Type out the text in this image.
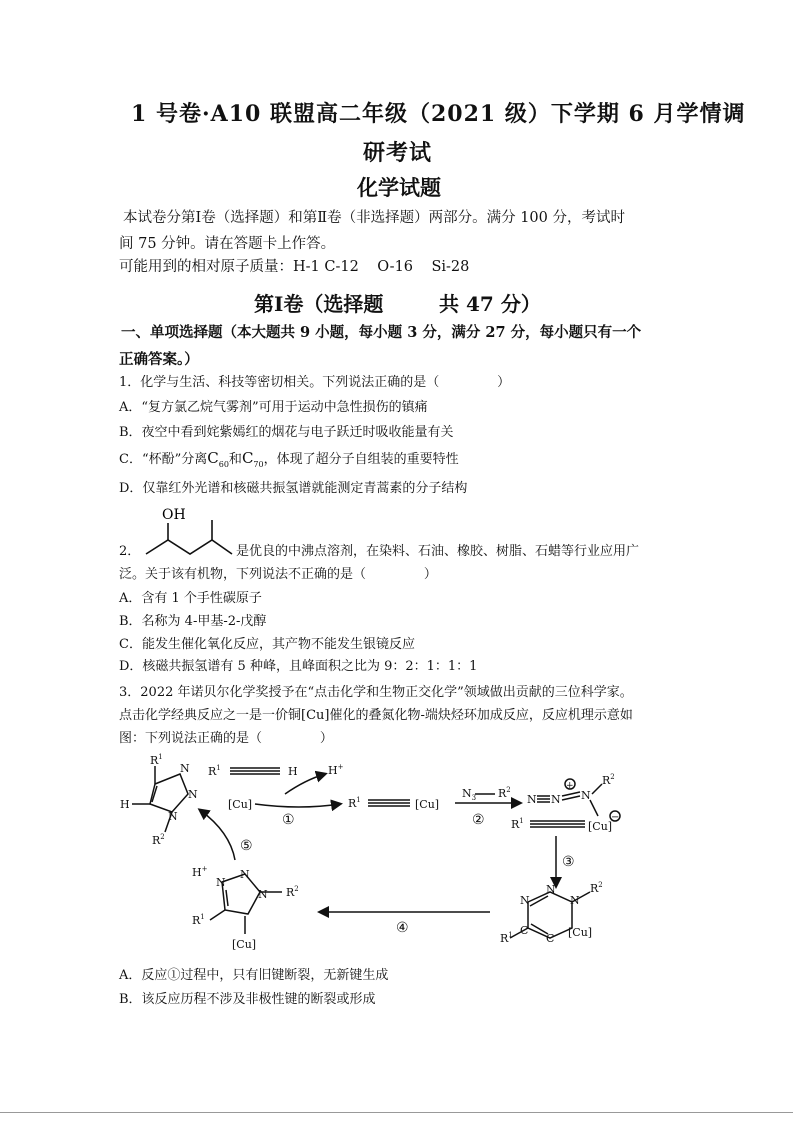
1 号卷·A10 联盟高二年级（2021 级）下学期 6 月学情调
研考试
化学试题
本试卷分第Ⅰ卷（选择题）和第Ⅱ卷（非选择题）两部分。满分 100 分，考试时
间 75 分钟。请在答题卡上作答。
可能用到的相对原子质量：H-1 C-12    O-16    Si-28
第Ⅰ卷（选择题        共 47 分）
一、单项选择题（本大题共 9 小题，每小题 3 分，满分 27 分，每小题只有一个
正确答案。）
1．化学与生活、科技等密切相关。下列说法正确的是（              ）
A．“复方氯乙烷气雾剂”可用于运动中急性损伤的镇痛
B．夜空中看到姹紫嫣红的烟花与电子跃迁时吸收能量有关
C．“杯酚”分离$C_{60}$和$C_{70}$，体现了超分子自组装的重要特性
D．仅靠红外光谱和核磁共振氢谱就能测定青蒿素的分子结构
2．
OH
是优良的中沸点溶剂，在染料、石油、橡胶、树脂、石蜡等行业应用广
泛。关于该有机物，下列说法不正确的是（              ）
A．含有 1 个手性碳原子
B．名称为 4-甲基-2-戊醇
C．能发生催化氧化反应，其产物不能发生银镜反应
D．核磁共振氢谱有 5 种峰，且峰面积之比为 9：2：1：1：1
3．2022 年诺贝尔化学奖授予在“点击化学和生物正交化学”领域做出贡献的三位科学家。
点击化学经典反应之一是一价铜[Cu]催化的叠氮化物-端炔烃环加成反应，反应机理示意如
图：下列说法正确的是（              ）
$R^1$
H
N
N
N
$R^2$
$R^1$	H
[Cu]
H+
①
$R^1$	[Cu]
$N_3$ $R^2$
②
N N N
+	$R^2$
$R^1$	[Cu]
−
③
N
N
N
$R^2$
$R^1$ C
C [Cu]
④
H+
N
N
N $R^2$
$R^1$
[Cu]
⑤
A．反应①过程中，只有旧键断裂，无新键生成
B．该反应历程不涉及非极性键的断裂或形成
